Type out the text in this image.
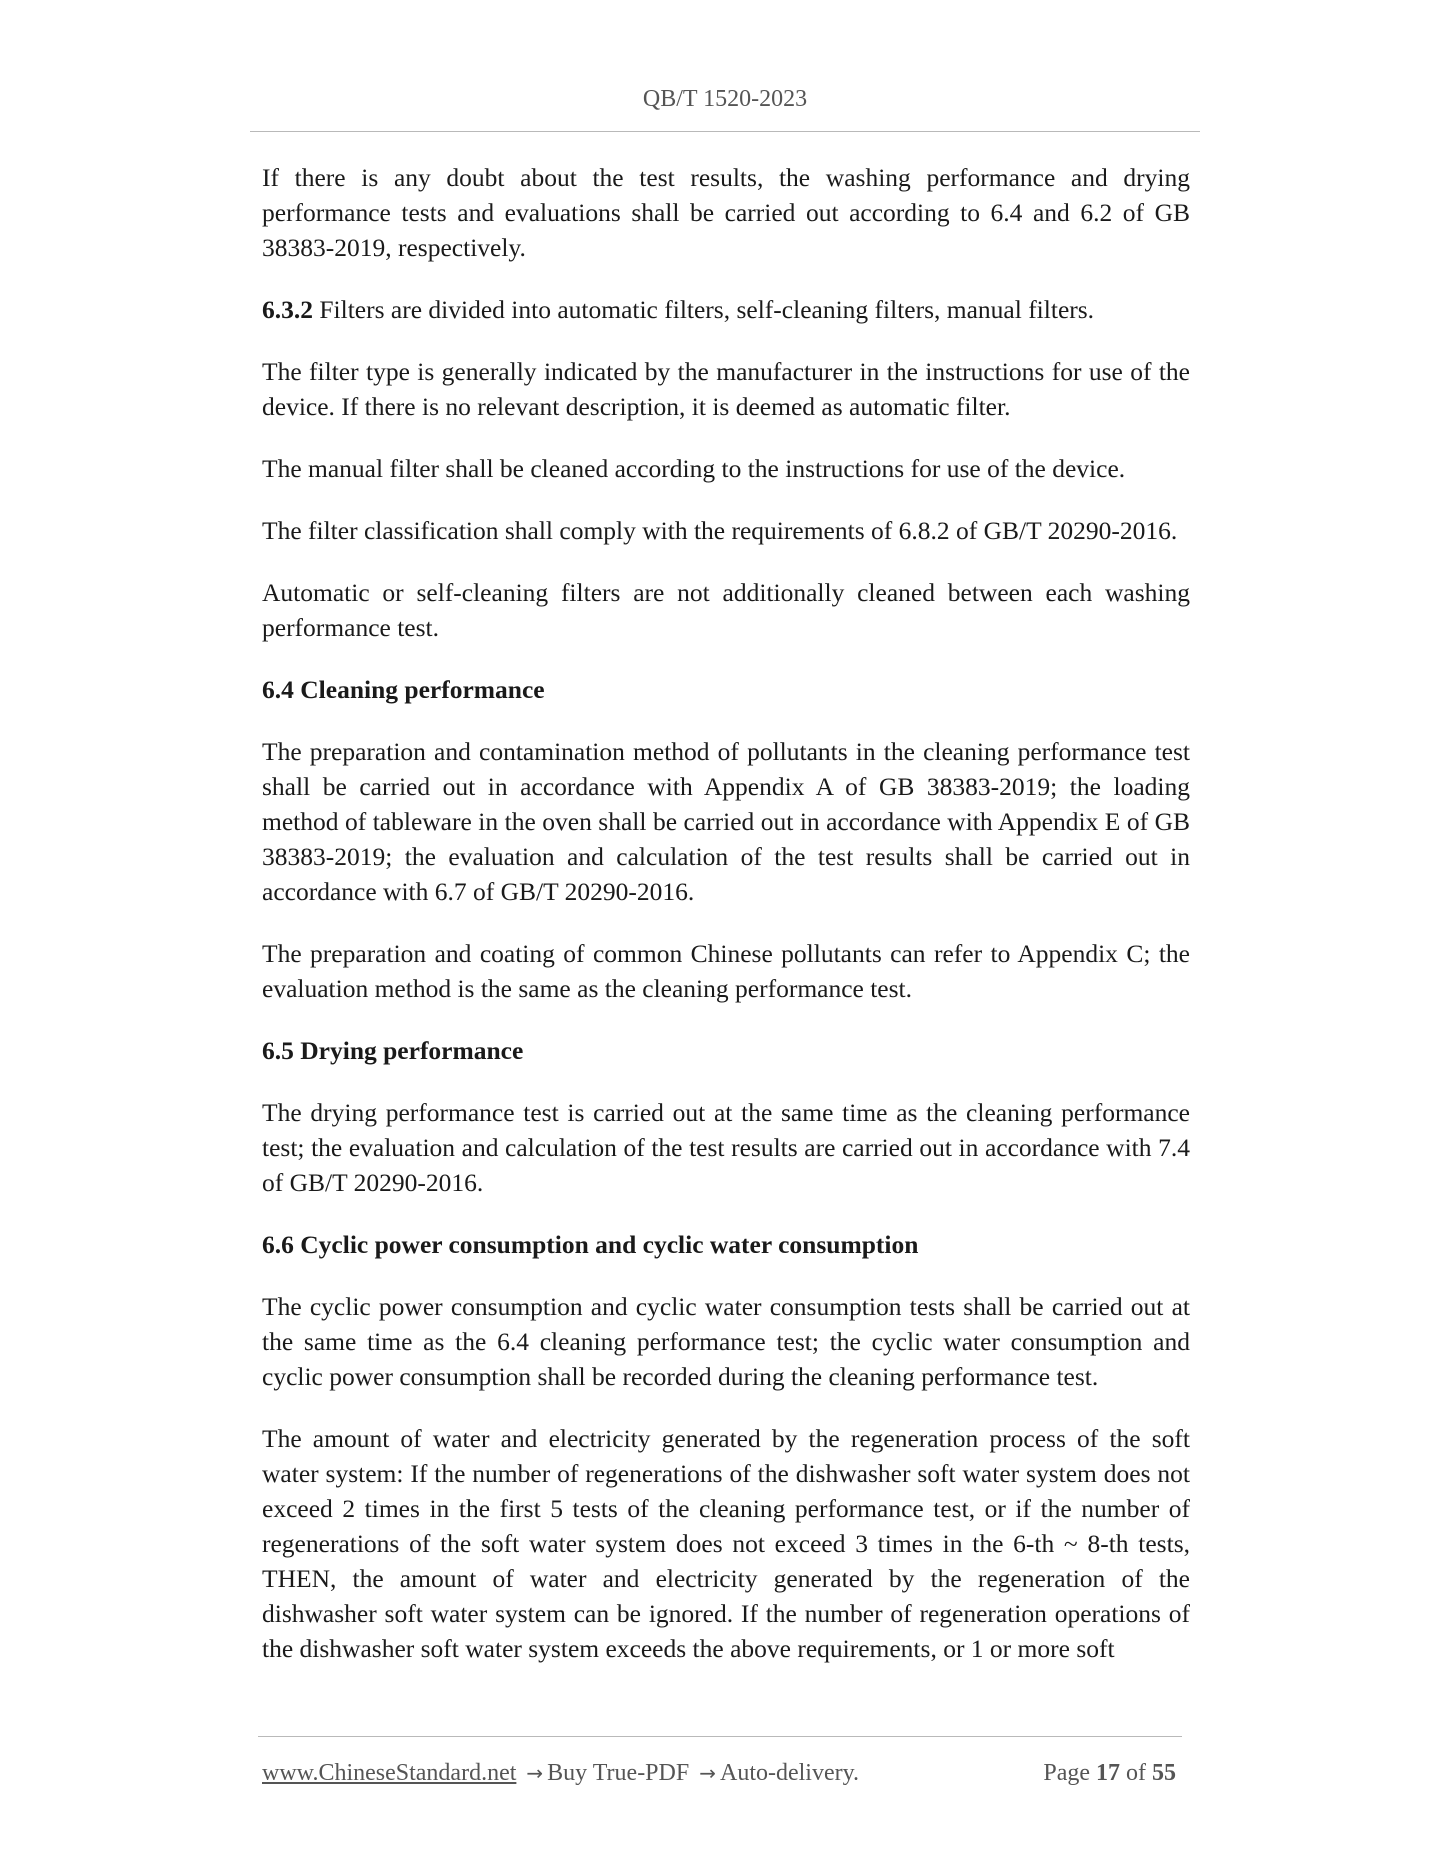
QB/T 1520-2023

If there is any doubt about the test results, the washing performance and drying performance tests and evaluations shall be carried out according to 6.4 and 6.2 of GB 38383-2019, respectively.

6.3.2 Filters are divided into automatic filters, self-cleaning filters, manual filters.

The filter type is generally indicated by the manufacturer in the instructions for use of the device. If there is no relevant description, it is deemed as automatic filter.

The manual filter shall be cleaned according to the instructions for use of the device.

The filter classification shall comply with the requirements of 6.8.2 of GB/T 20290-2016.

Automatic or self-cleaning filters are not additionally cleaned between each washing performance test.

6.4 Cleaning performance

The preparation and contamination method of pollutants in the cleaning performance test shall be carried out in accordance with Appendix A of GB 38383-2019; the loading method of tableware in the oven shall be carried out in accordance with Appendix E of GB 38383-2019; the evaluation and calculation of the test results shall be carried out in accordance with 6.7 of GB/T 20290-2016.

The preparation and coating of common Chinese pollutants can refer to Appendix C; the evaluation method is the same as the cleaning performance test.

6.5 Drying performance

The drying performance test is carried out at the same time as the cleaning performance test; the evaluation and calculation of the test results are carried out in accordance with 7.4 of GB/T 20290-2016.

6.6 Cyclic power consumption and cyclic water consumption

The cyclic power consumption and cyclic water consumption tests shall be carried out at the same time as the 6.4 cleaning performance test; the cyclic water consumption and cyclic power consumption shall be recorded during the cleaning performance test.

The amount of water and electricity generated by the regeneration process of the soft water system: If the number of regenerations of the dishwasher soft water system does not exceed 2 times in the first 5 tests of the cleaning performance test, or if the number of regenerations of the soft water system does not exceed 3 times in the 6-th ~ 8-th tests, THEN, the amount of water and electricity generated by the regeneration of the dishwasher soft water system can be ignored. If the number of regeneration operations of the dishwasher soft water system exceeds the above requirements, or 1 or more soft

www.ChineseStandard.net → Buy True-PDF → Auto-delivery.	Page 17 of 55
